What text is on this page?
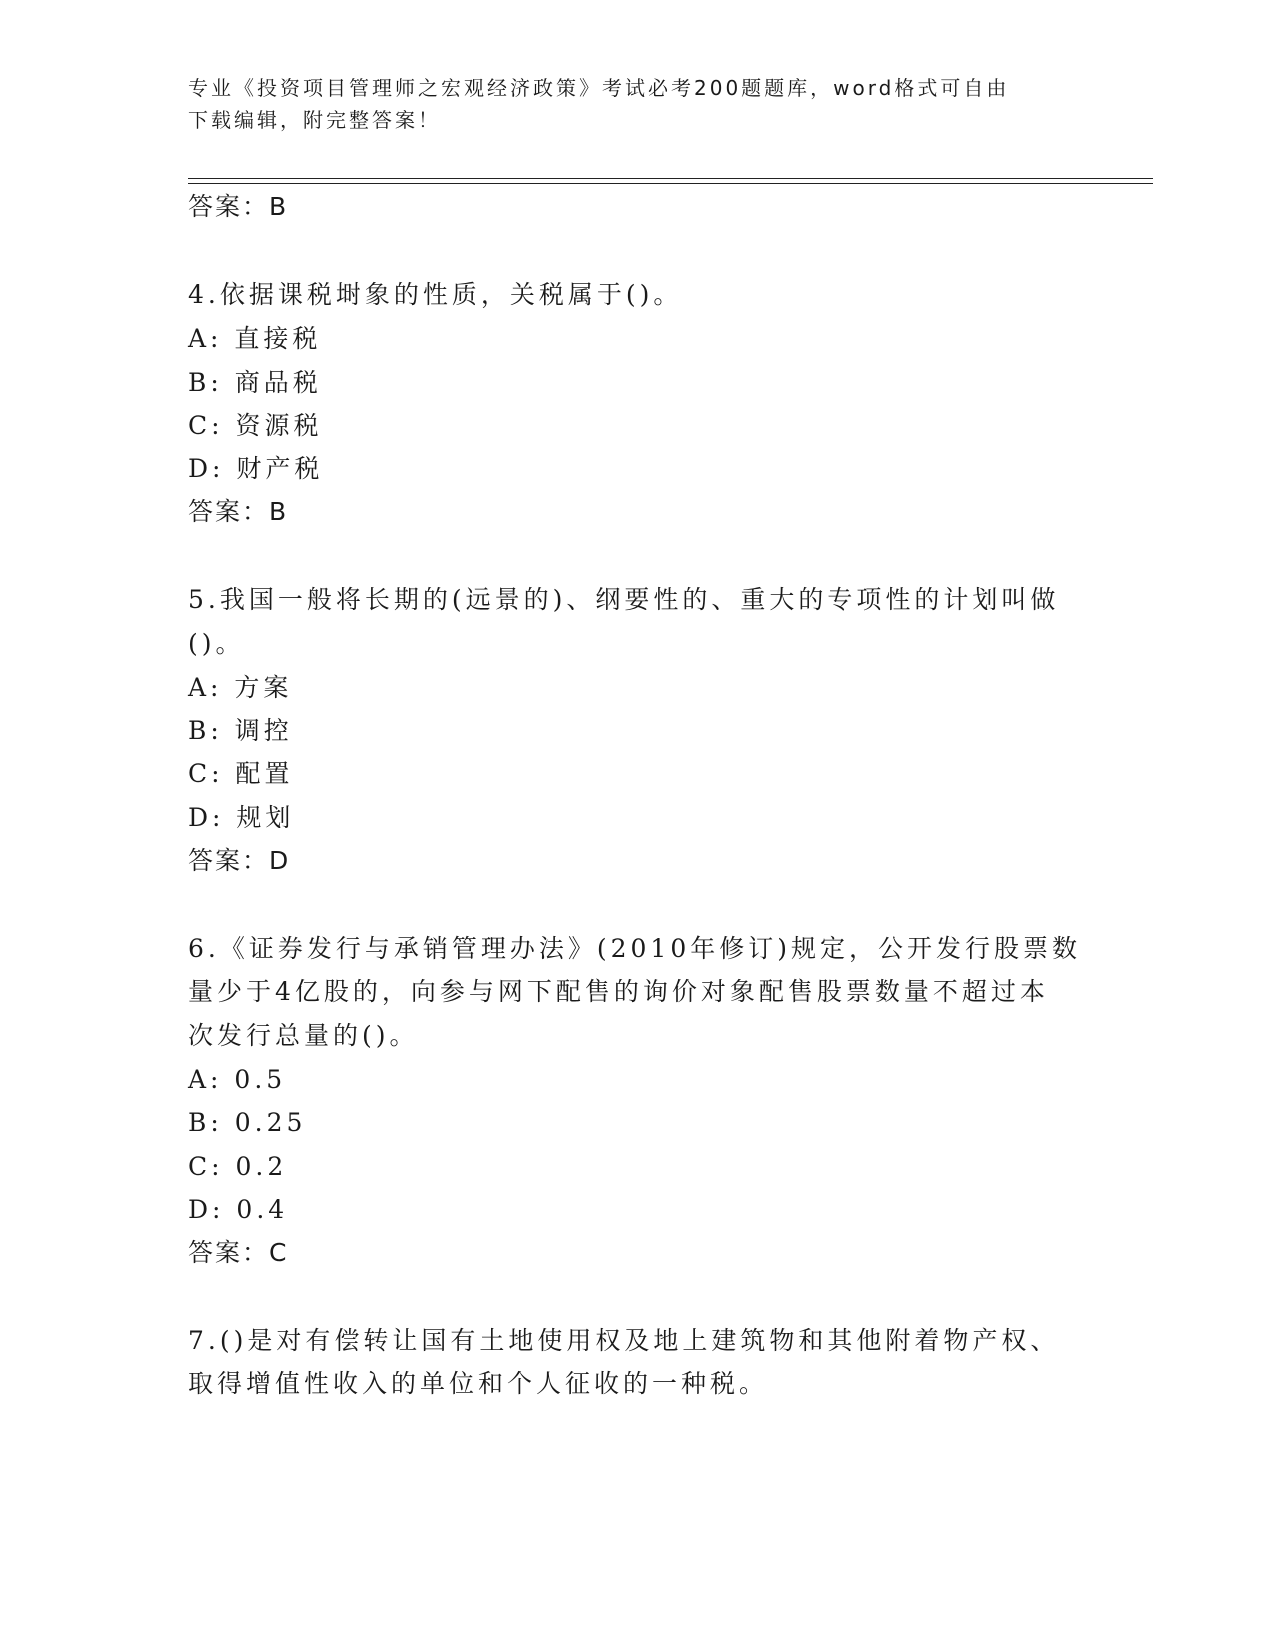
专业《投资项目管理师之宏观经济政策》考试必考200题题库，word格式可自由
下载编辑，附完整答案！
答案：B
4.依据课税埘象的性质，关税属于()。
A: 直接税
B: 商品税
C: 资源税
D: 财产税
答案：B
5.我国一般将长期的(远景的)、纲要性的、重大的专项性的计划叫做
()。
A: 方案
B: 调控
C: 配置
D: 规划
答案：D
6.《证券发行与承销管理办法》(2010年修订)规定，公开发行股票数
量少于4亿股的，向参与网下配售的询价对象配售股票数量不超过本
次发行总量的()。
A: 0.5
B: 0.25
C: 0.2
D: 0.4
答案：C
7.()是对有偿转让国有土地使用权及地上建筑物和其他附着物产权、
取得增值性收入的单位和个人征收的一种税。
